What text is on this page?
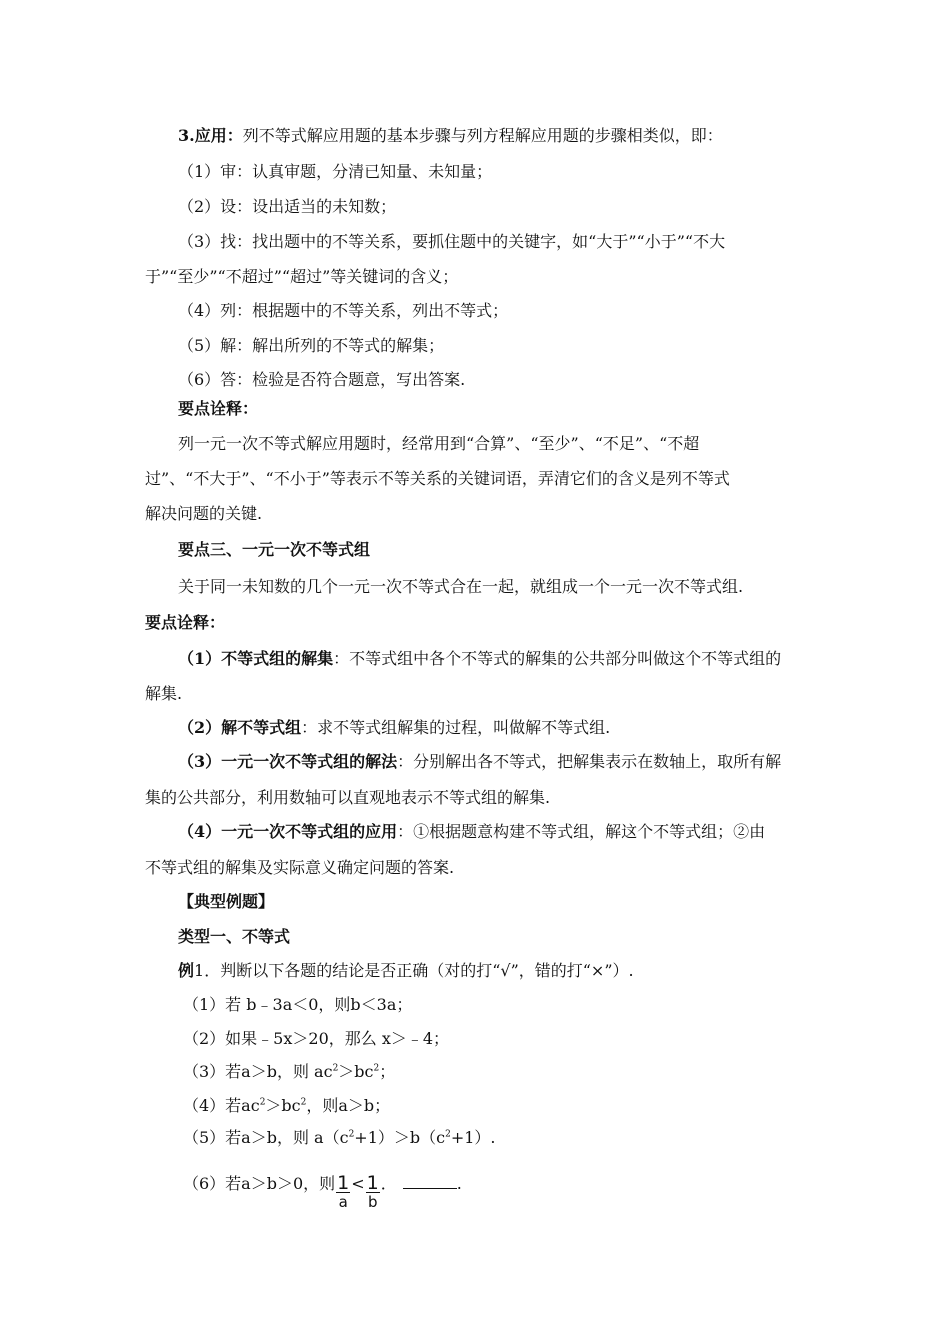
3.应用：列不等式解应用题的基本步骤与列方程解应用题的步骤相类似，即：
（1）审：认真审题，分清已知量、未知量；
（2）设：设出适当的未知数；
（3）找：找出题中的不等关系，要抓住题中的关键字，如“大于”“小于”“不大
于”“至少”“不超过”“超过”等关键词的含义；
（4）列：根据题中的不等关系，列出不等式；
（5）解：解出所列的不等式的解集；
（6）答：检验是否符合题意，写出答案.
要点诠释：
列一元一次不等式解应用题时，经常用到“合算”、“至少”、“不足”、“不超
过”、“不大于”、“不小于”等表示不等关系的关键词语，弄清它们的含义是列不等式
解决问题的关键.
要点三、一元一次不等式组
关于同一未知数的几个一元一次不等式合在一起，就组成一个一元一次不等式组.
要点诠释：
（1）不等式组的解集：不等式组中各个不等式的解集的公共部分叫做这个不等式组的
解集.
（2）解不等式组：求不等式组解集的过程，叫做解不等式组.
（3）一元一次不等式组的解法：分别解出各不等式，把解集表示在数轴上，取所有解
集的公共部分，利用数轴可以直观地表示不等式组的解集.
（4）一元一次不等式组的应用：①根据题意构建不等式组，解这个不等式组；②由
不等式组的解集及实际意义确定问题的答案.
【典型例题】
类型一、不等式
例1．判断以下各题的结论是否正确（对的打“√”，错的打“×”）.
（1）若 b﹣3a＜0，则b＜3a；
（2）如果﹣5x＞20，那么 x＞﹣4；
（3）若a＞b，则 $ac^2>bc^2$；
（4）若$ac^2>bc^2$，则a＞b；
（5）若a＞b，则 $a(c^2+1)>b(c^2+1)$.
（6）若a＞b＞0，则 $\frac{1}{a} < \frac{1}{b}$ ．	.
